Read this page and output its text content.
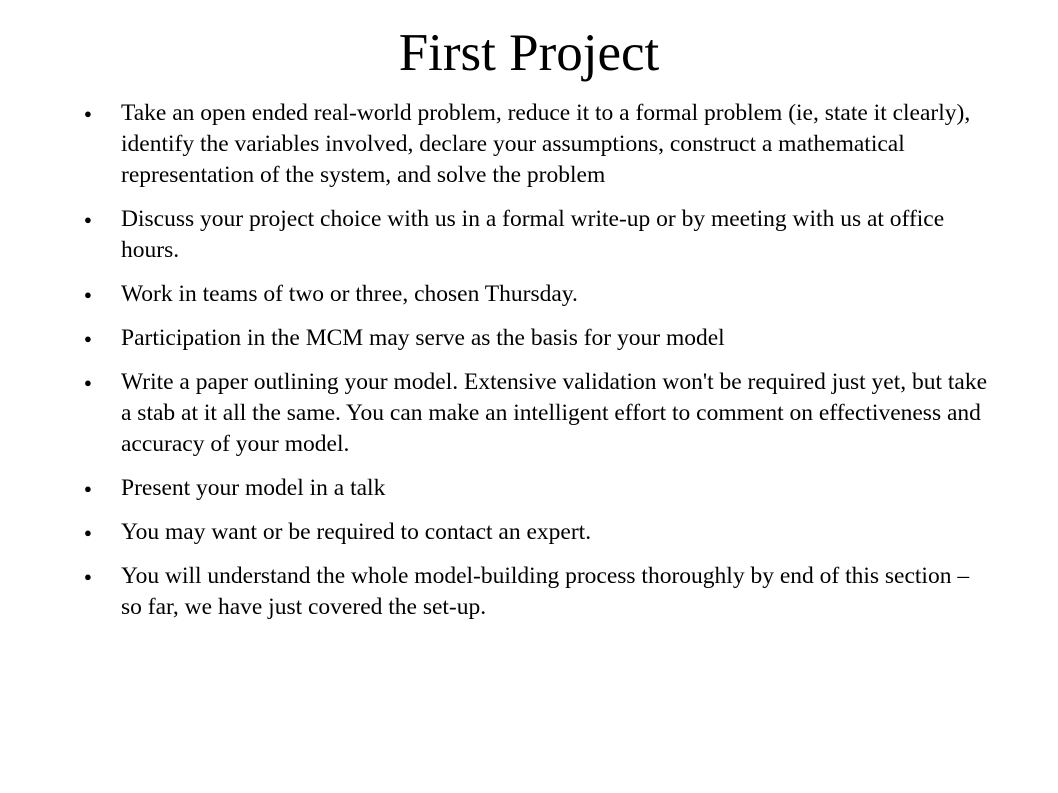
First Project
● Take an open ended real-world problem, reduce it to a formal problem (ie, state it clearly), identify the variables involved, declare your assumptions, construct a mathematical representation of the system, and solve the problem
● Discuss your project choice with us in a formal write-up or by meeting with us at office hours.
● Work in teams of two or three, chosen Thursday.
● Participation in the MCM may serve as the basis for your model
● Write a paper outlining your model. Extensive validation won't be required just yet, but take a stab at it all the same. You can make an intelligent effort to comment on effectiveness and accuracy of your model.
● Present your model in a talk
● You may want or be required to contact an expert.
● You will understand the whole model-building process thoroughly by end of this section – so far, we have just covered the set-up.
